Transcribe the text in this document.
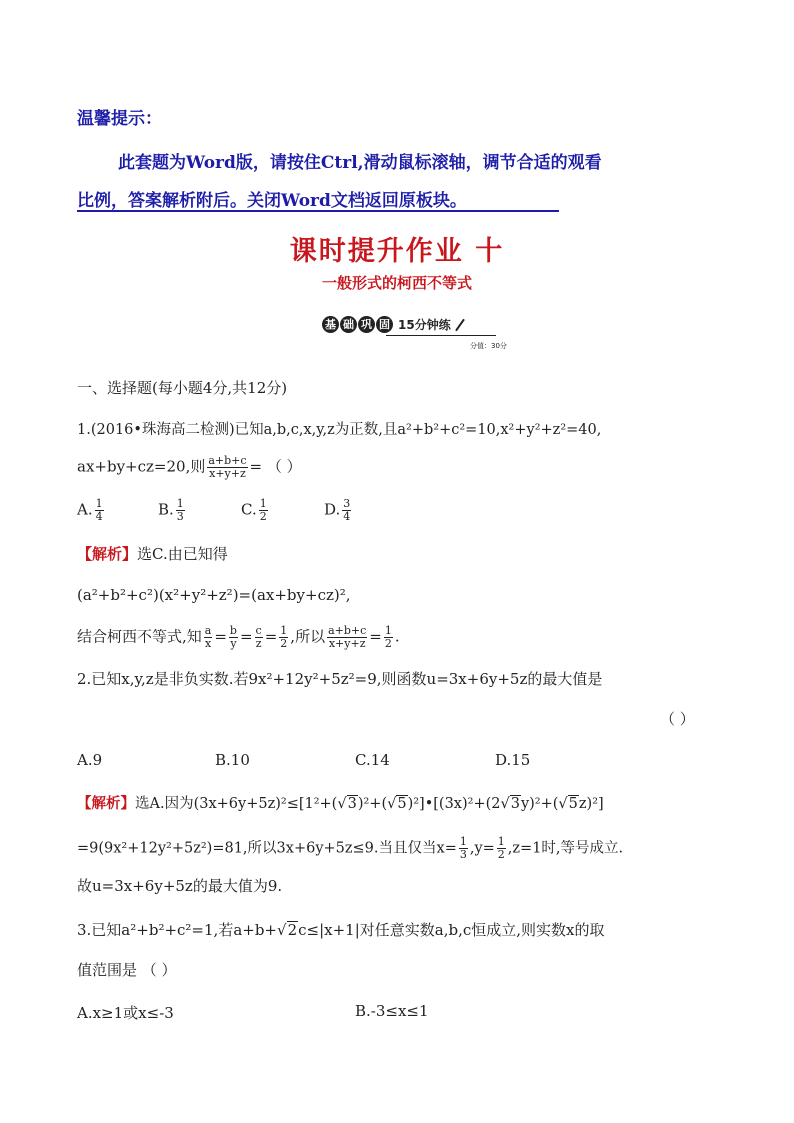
温馨提示：
此套题为Word版，请按住Ctrl,滑动鼠标滚轴，调节合适的观看
比例，答案解析附后。关闭Word文档返回原板块。
课时提升作业 十
一般形式的柯西不等式
基 础 巩 固 15分钟练
分值：30分
一、选择题(每小题4分,共12分)
1.(2016•珠海高二检测)已知a,b,c,x,y,z为正数,且a²+b²+c²=10,x²+y²+z²=40,
ax+by+cz=20,则 $\frac{a+b+c}{x+y+z}$ = （ ）
A. $\frac{1}{4}$	B. $\frac{1}{3}$	C. $\frac{1}{2}$	D. $\frac{3}{4}$
【解析】选C.由已知得
(a²+b²+c²)(x²+y²+z²)=(ax+by+cz)²,
结合柯西不等式,知 $\frac{a}{x} = \frac{b}{y} = \frac{c}{z} = \frac{1}{2}$ ,所以 $\frac{a+b+c}{x+y+z} = \frac{1}{2}$ .
2.已知x,y,z是非负实数.若9x²+12y²+5z²=9,则函数u=3x+6y+5z的最大值是
（ ）
A.9	B.10	C.14	D.15
【解析】选A.因为(3x+6y+5z)²≤[1²+(√3)²+(√5)²]•[(3x)²+(2√3y)²+(√5z)²]
=9(9x²+12y²+5z²)=81,所以3x+6y+5z≤9.当且仅当$x= \frac{1}{3} ,y= \frac{1}{2} ,z=1$时,等号成立.
故u=3x+6y+5z的最大值为9.
3.已知a²+b²+c²=1,若a+b+√2c≤|x+1|对任意实数a,b,c恒成立,则实数x的取
值范围是 （ ）
A.x≥1或x≤-3	B.-3≤x≤1
